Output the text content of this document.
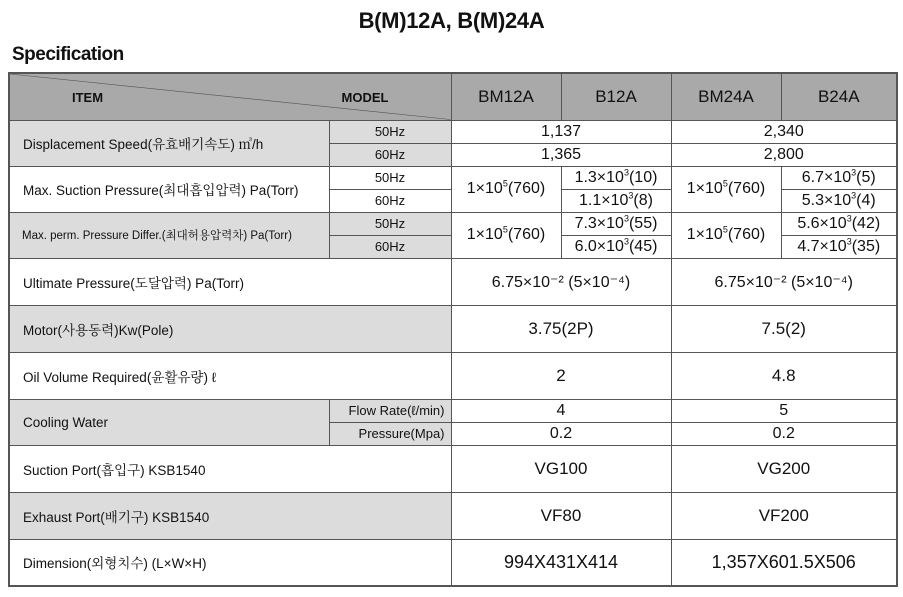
B(M)12A, B(M)24A
Specification
ITEM MODEL		BM12A	B12A	BM24A	B24A
Displacement Speed(유효배기속도) ㎥/h	50Hz	1,137		2,340	
	60Hz	1,365		2,800	
Max. Suction Pressure(최대흡입압력) Pa(Torr)	50Hz	$1\times 10^5(760)$	$1.3\times 10^3(10)$	$1\times 10^5(760)$	$6.7\times 10^3(5)$
	60Hz		$1.1\times 10^3(8)$		$5.3\times 10^3(4)$
Max. perm. Pressure Differ.(최대허용압력차) Pa(Torr)	50Hz	$1\times 10^5(760)$	$7.3\times 10^3(55)$	$1\times 10^5(760)$	$5.6\times 10^3(42)$
	60Hz		$6.0\times 10^3(45)$		$4.7\times 10^3(35)$
Ultimate Pressure(도달압력) Pa(Torr)		6.75×10⁻² (5×10⁻⁴)		6.75×10⁻² (5×10⁻⁴)	
Motor(사용동력)Kw(Pole)		3.75(2P)		7.5(2)	
Oil Volume Required(윤활유량) ℓ		2		4.8	
Cooling Water	Flow Rate(ℓ/min)	4		5	
	Pressure(Mpa)	0.2		0.2	
Suction Port(흡입구) KSB1540		VG100		VG200	
Exhaust Port(배기구) KSB1540		VF80		VF200	
Dimension(외형치수) (L×W×H)		994X431X414		1,357X601.5X506	
